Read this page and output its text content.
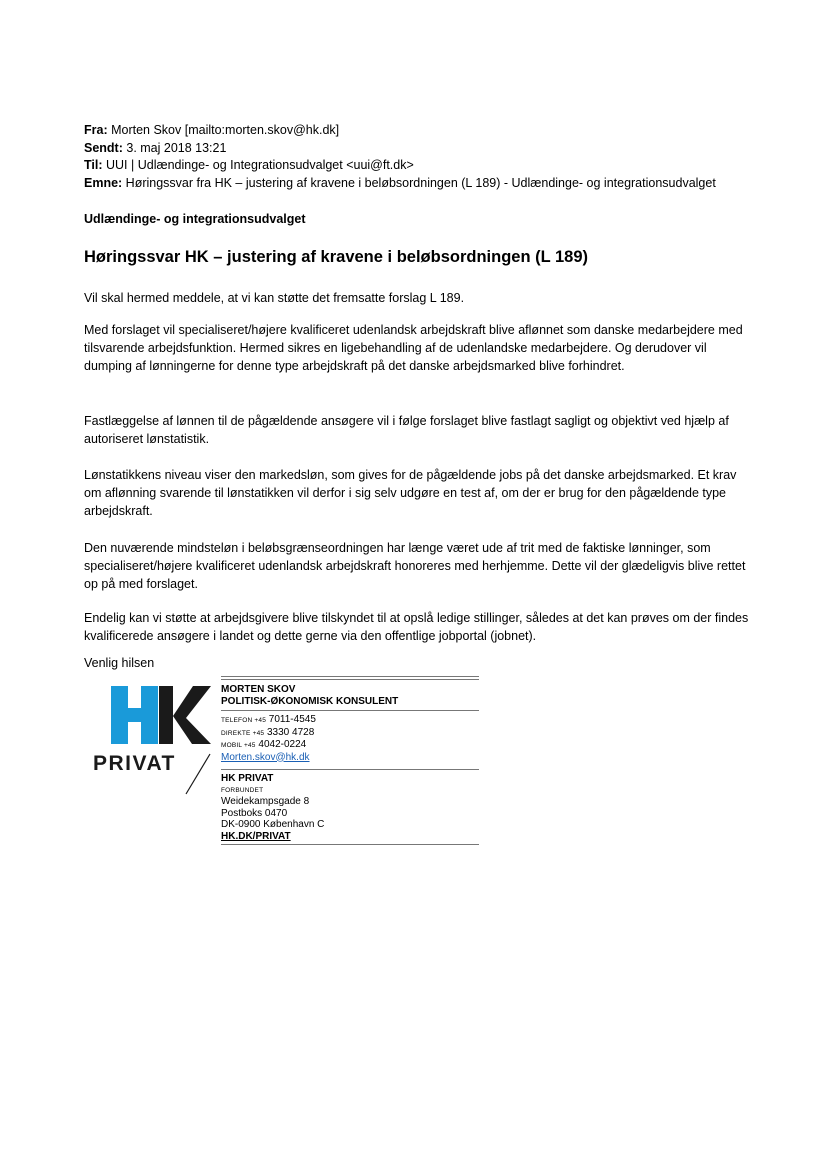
Fra: Morten Skov [mailto:morten.skov@hk.dk]
Sendt: 3. maj 2018 13:21
Til: UUI | Udlændinge- og Integrationsudvalget <uui@ft.dk>
Emne: Høringssvar fra HK – justering af kravene i beløbsordningen (L 189) - Udlændinge- og integrationsudvalget
Udlændinge- og integrationsudvalget
Høringssvar HK – justering af kravene i beløbsordningen (L 189)

Vil skal hermed meddele, at vi kan støtte det fremsatte forslag L 189.

Med forslaget vil specialiseret/højere kvalificeret udenlandsk arbejdskraft blive aflønnet som danske medarbejdere med tilsvarende arbejdsfunktion. Hermed sikres en ligebehandling af de udenlandske medarbejdere. Og derudover vil dumping af lønningerne for denne type arbejdskraft på det danske arbejdsmarked blive forhindret.

Fastlæggelse af lønnen til de pågældende ansøgere vil i følge forslaget blive fastlagt sagligt og objektivt ved hjælp af autoriseret lønstatistik.

Lønstatikkens niveau viser den markedsløn, som gives for de pågældende jobs på det danske arbejdsmarked. Et krav om aflønning svarende til lønstatikken vil derfor i sig selv udgøre en test af, om der er brug for den pågældende type arbejdskraft.

Den nuværende mindsteløn i beløbsgrænseordningen har længe været ude af trit med de faktiske lønninger, som specialiseret/højere kvalificeret udenlandsk arbejdskraft honoreres med herhjemme. Dette vil der glædeligvis blive rettet op på med forslaget.

Endelig kan vi støtte at arbejdsgivere blive tilskyndet til at opslå ledige stillinger, således at det kan prøves om der findes kvalificerede ansøgere i landet og dette gerne via den offentlige jobportal (jobnet).

Venlig hilsen
PRIVAT
MORTEN SKOV
POLITISK-ØKONOMISK KONSULENT
TELEFON +45 7011-4545
DIREKTE +45 3330 4728
MOBIL +45 4042-0224
Morten.skov@hk.dk
HK PRIVAT
FORBUNDET
Weidekampsgade 8
Postboks 0470
DK-0900 København C
HK.DK/PRIVAT
